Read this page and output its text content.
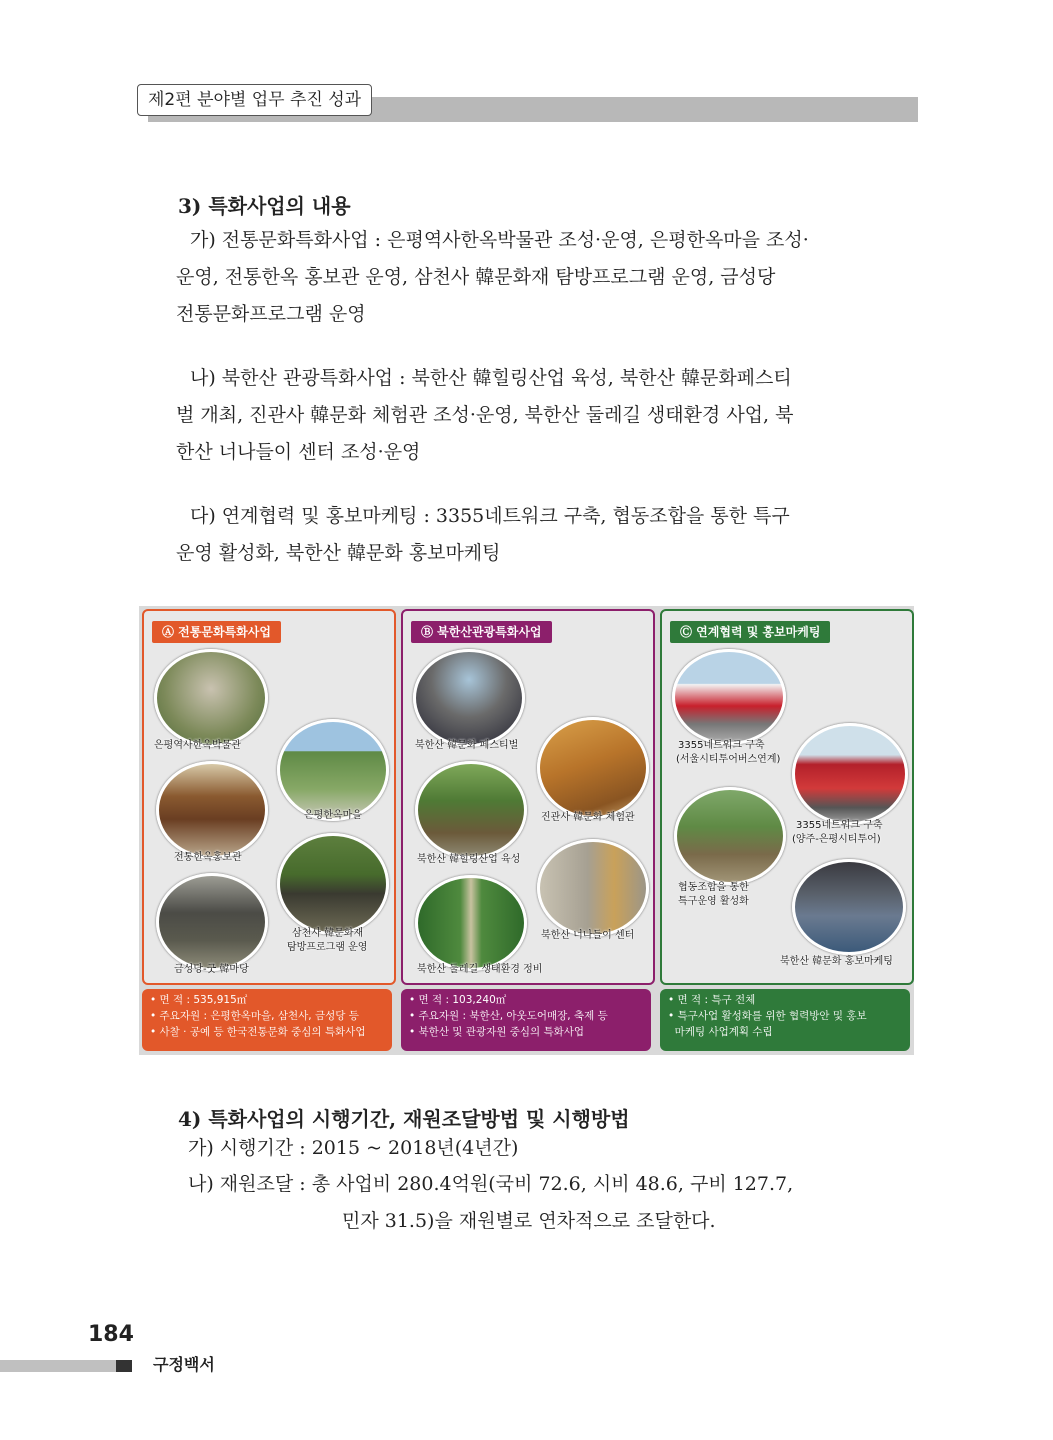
제2편 분야별 업무 추진 성과
3) 특화사업의 내용
가) 전통문화특화사업 : 은평역사한옥박물관 조성·운영, 은평한옥마을 조성·
운영, 전통한옥 홍보관 운영, 삼천사 韓문화재 탐방프로그램 운영, 금성당
전통문화프로그램 운영
나) 북한산 관광특화사업 : 북한산 韓힐링산업 육성, 북한산 韓문화페스티
벌 개최, 진관사 韓문화 체험관 조성·운영, 북한산 둘레길 생태환경 사업, 북
한산 너나들이 센터 조성·운영
다) 연계협력 및 홍보마케팅 : 3355네트워크 구축, 협동조합을 통한 특구
운영 활성화, 북한산 韓문화 홍보마케팅
Ⓐ 전통문화특화사업
은평역사한옥박물관
은평한옥마을
전통한옥홍보관
삼천사 韓문화재
탐방프로그램 운영
금성당-굿 韓마당
Ⓑ 북한산관광특화사업
북한산 韓문화 페스티벌
진관사 韓문화 체험관
북한산 韓힐링산업 육성
북한산 너나들이 센터
북한산 둘레길 생태환경 정비
Ⓒ 연계협력 및 홍보마케팅
3355네트워크 구축
(서울시티투어버스연계)
3355네트워크 구축
(양주-은평시티투어)
협동조합을 통한
특구운영 활성화
북한산 韓문화 홍보마케팅
• 면 적 : 535,915㎡
• 주요자원 : 은평한옥마을, 삼천사, 금성당 등
• 사찰 · 공예 등 한국전통문화 중심의 특화사업
• 면 적 : 103,240㎡
• 주요자원 : 북한산, 아웃도어매장, 축제 등
• 북한산 및 관광자원 중심의 특화사업
• 면 적 : 특구 전체
• 특구사업 활성화를 위한 협력방안 및 홍보
마케팅 사업계획 수립
4) 특화사업의 시행기간, 재원조달방법 및 시행방법
가) 시행기간 : 2015 ~ 2018년(4년간)
나) 재원조달 : 총 사업비 280.4억원(국비 72.6, 시비 48.6, 구비 127.7,
민자 31.5)을 재원별로 연차적으로 조달한다.
184
구정백서
